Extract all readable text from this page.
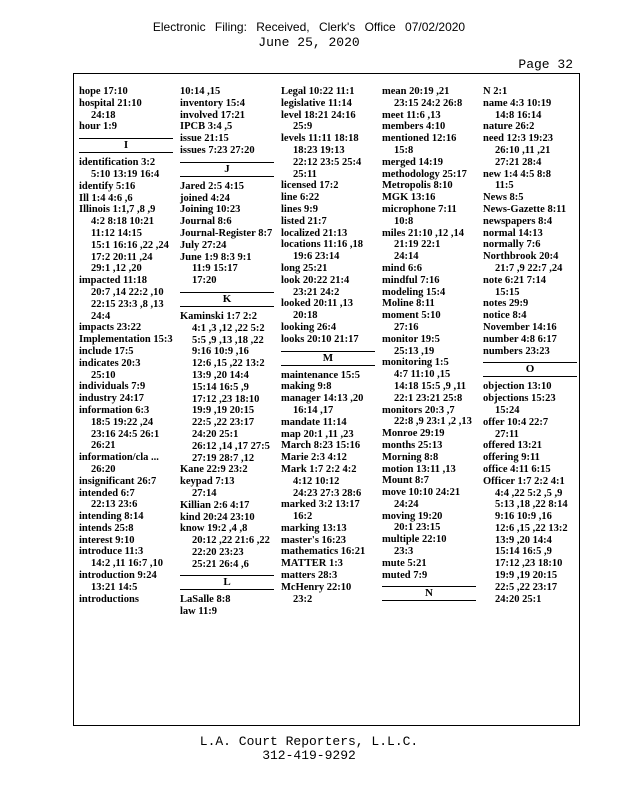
Electronic Filing: Received, Clerk's Office 07/02/2020
June 25, 2020
Page 32
hope 17:10
hospital 21:10
24:18
hour 1:9
I
identification 3:2
5:10 13:19 16:4
identify 5:16
Ill 1:4 4:6 ,6
Illinois 1:1,7 ,8 ,9
4:2 8:18 10:21
11:12 14:15
15:1 16:16 ,22 ,24
17:2 20:11 ,24
29:1 ,12 ,20
impacted 11:18
20:7 ,14 22:2 ,10
22:15 23:3 ,8 ,13
24:4
impacts 23:22
Implementation 15:3
include 17:5
indicates 20:3
25:10
individuals 7:9
industry 24:17
information 6:3
18:5 19:22 ,24
23:16 24:5 26:1
26:21
information/cla ...
26:20
insignificant 26:7
intended 6:7
22:13 23:6
intending 8:14
intends 25:8
interest 9:10
introduce 11:3
14:2 ,11 16:7 ,10
introduction 9:24
13:21 14:5
introductions
10:14 ,15
inventory 15:4
involved 17:21
IPCB 3:4 ,5
issue 21:15
issues 7:23 27:20
J
Jared 2:5 4:15
joined 4:24
Joining 10:23
Journal 8:6
Journal-Register 8:7
July 27:24
June 1:9 8:3 9:1
11:9 15:17
17:20
K
Kaminski 1:7 2:2
4:1 ,3 ,12 ,22 5:2
5:5 ,9 ,13 ,18 ,22
9:16 10:9 ,16
12:6 ,15 ,22 13:2
13:9 ,20 14:4
15:14 16:5 ,9
17:12 ,23 18:10
19:9 ,19 20:15
22:5 ,22 23:17
24:20 25:1
26:12 ,14 ,17 27:5
27:19 28:7 ,12
Kane 22:9 23:2
keypad 7:13
27:14
Killian 2:6 4:17
kind 20:24 23:10
know 19:2 ,4 ,8
20:12 ,22 21:6 ,22
22:20 23:23
25:21 26:4 ,6
L
LaSalle 8:8
law 11:9
Legal 10:22 11:1
legislative 11:14
level 18:21 24:16
25:9
levels 11:11 18:18
18:23 19:13
22:12 23:5 25:4
25:11
licensed 17:2
line 6:22
lines 9:9
listed 21:7
localized 21:13
locations 11:16 ,18
19:6 23:14
long 25:21
look 20:22 21:4
23:21 24:2
looked 20:11 ,13
20:18
looking 26:4
looks 20:10 21:17
M
maintenance 15:5
making 9:8
manager 14:13 ,20
16:14 ,17
mandate 11:14
map 20:1 ,11 ,23
March 8:23 15:16
Marie 2:3 4:12
Mark 1:7 2:2 4:2
4:12 10:12
24:23 27:3 28:6
marked 3:2 13:17
16:2
marking 13:13
master's 16:23
mathematics 16:21
MATTER 1:3
matters 28:3
McHenry 22:10
23:2
mean 20:19 ,21
23:15 24:2 26:8
meet 11:6 ,13
members 4:10
mentioned 12:16
15:8
merged 14:19
methodology 25:17
Metropolis 8:10
MGK 13:16
microphone 7:11
10:8
miles 21:10 ,12 ,14
21:19 22:1
24:14
mind 6:6
mindful 7:16
modeling 15:4
Moline 8:11
moment 5:10
27:16
monitor 19:5
25:13 ,19
monitoring 1:5
4:7 11:10 ,15
14:18 15:5 ,9 ,11
22:1 23:21 25:8
monitors 20:3 ,7
22:8 ,9 23:1 ,2 ,13
Monroe 29:19
months 25:13
Morning 8:8
motion 13:11 ,13
Mount 8:7
move 10:10 24:21
24:24
moving 19:20
20:1 23:15
multiple 22:10
23:3
mute 5:21
muted 7:9
N
N 2:1
name 4:3 10:19
14:8 16:14
nature 26:2
need 12:3 19:23
26:10 ,11 ,21
27:21 28:4
new 1:4 4:5 8:8
11:5
News 8:5
News-Gazette 8:11
newspapers 8:4
normal 14:13
normally 7:6
Northbrook 20:4
21:7 ,9 22:7 ,24
note 6:21 7:14
15:15
notes 29:9
notice 8:4
November 14:16
number 4:8 6:17
numbers 23:23
O
objection 13:10
objections 15:23
15:24
offer 10:4 22:7
27:11
offered 13:21
offering 9:11
office 4:11 6:15
Officer 1:7 2:2 4:1
4:4 ,22 5:2 ,5 ,9
5:13 ,18 ,22 8:14
9:16 10:9 ,16
12:6 ,15 ,22 13:2
13:9 ,20 14:4
15:14 16:5 ,9
17:12 ,23 18:10
19:9 ,19 20:15
22:5 ,22 23:17
24:20 25:1
L.A. Court Reporters, L.L.C.
312-419-9292
